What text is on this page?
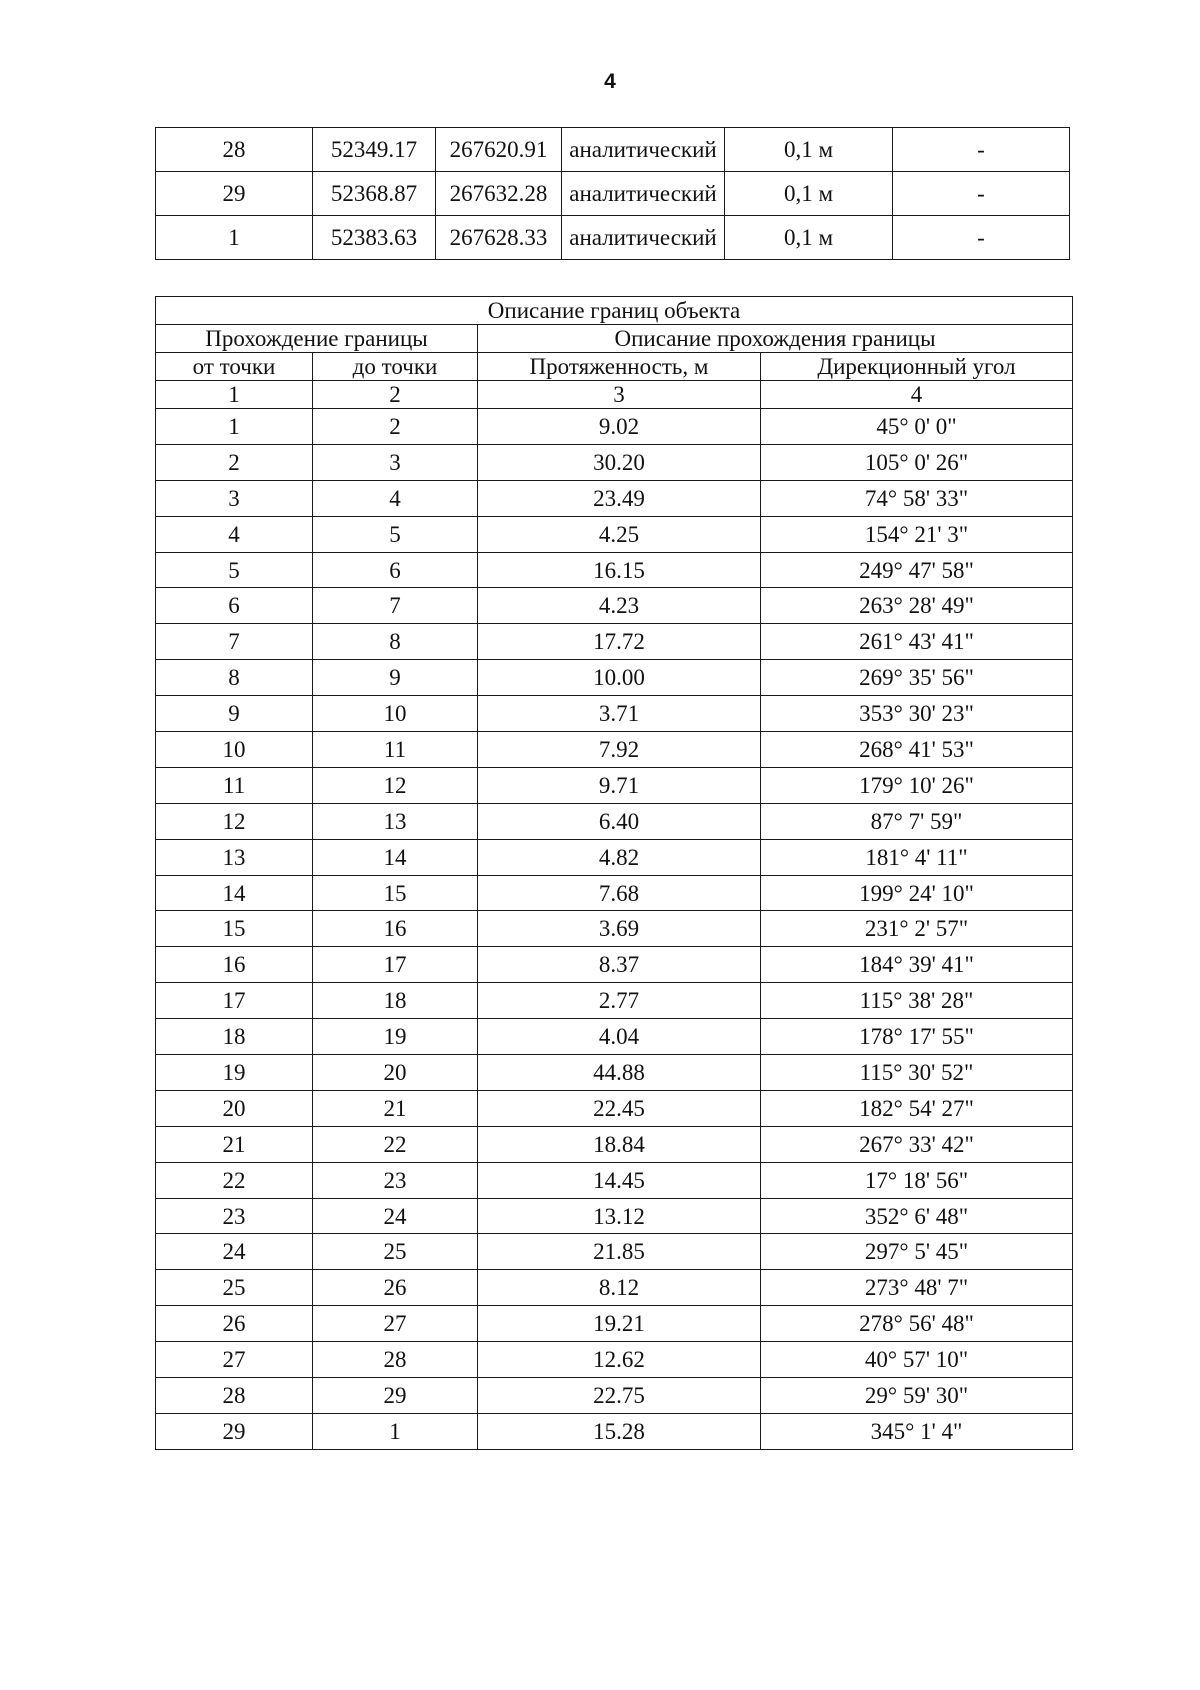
4
28	52349.17	267620.91	аналитический	0,1 м	-
29	52368.87	267632.28	аналитический	0,1 м	-
1	52383.63	267628.33	аналитический	0,1 м	-
Описание границ объекта			
Прохождение границы		Описание прохождения границы	
от точки	до точки	Протяженность, м	Дирекционный угол
1	2	3	4
1	2	9.02	45° 0' 0"
2	3	30.20	105° 0' 26"
3	4	23.49	74° 58' 33"
4	5	4.25	154° 21' 3"
5	6	16.15	249° 47' 58"
6	7	4.23	263° 28' 49"
7	8	17.72	261° 43' 41"
8	9	10.00	269° 35' 56"
9	10	3.71	353° 30' 23"
10	11	7.92	268° 41' 53"
11	12	9.71	179° 10' 26"
12	13	6.40	87° 7' 59"
13	14	4.82	181° 4' 11"
14	15	7.68	199° 24' 10"
15	16	3.69	231° 2' 57"
16	17	8.37	184° 39' 41"
17	18	2.77	115° 38' 28"
18	19	4.04	178° 17' 55"
19	20	44.88	115° 30' 52"
20	21	22.45	182° 54' 27"
21	22	18.84	267° 33' 42"
22	23	14.45	17° 18' 56"
23	24	13.12	352° 6' 48"
24	25	21.85	297° 5' 45"
25	26	8.12	273° 48' 7"
26	27	19.21	278° 56' 48"
27	28	12.62	40° 57' 10"
28	29	22.75	29° 59' 30"
29	1	15.28	345° 1' 4"
